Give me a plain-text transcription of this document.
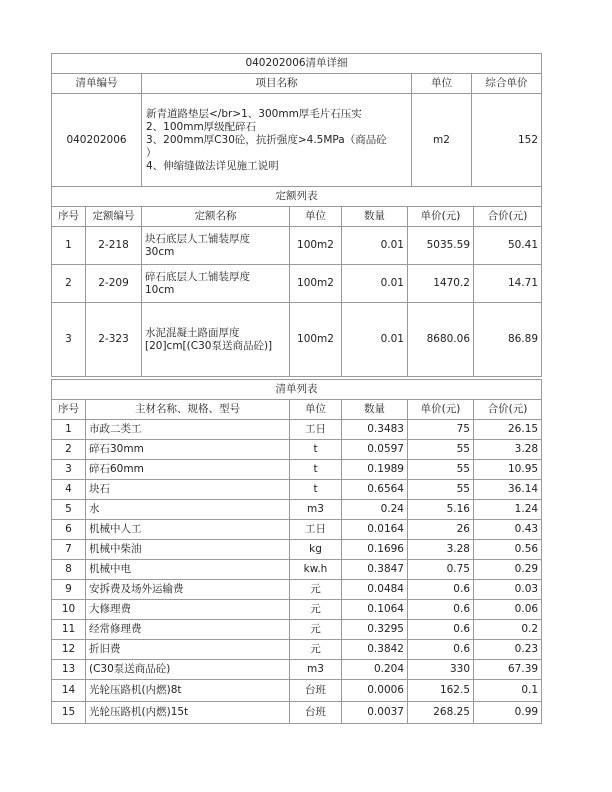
040202006清单详细			
清单编号	项目名称	单位	综合单价
040202006	新青道路垫层</br>1、300mm厚毛片石压实
2、100mm厚级配碎石
3、200mm厚C30砼，抗折强度>4.5MPa（商品砼
）
4、伸缩缝做法详见施工说明	m2	152
定额列表						
序号	定额编号	定额名称	单位	数量	单价(元)	合价(元)
1	2-218	块石底层人工铺装厚度
30cm	100m2	0.01	5035.59	50.41
2	2-209	碎石底层人工铺装厚度
10cm	100m2	0.01	1470.2	14.71
3	2-323	水泥混凝土路面厚度
[20]cm[(C30泵送商品砼)]	100m2	0.01	8680.06	86.89
清单列表					
序号	主材名称、规格、型号	单位	数量	单价(元)	合价(元)
1	市政二类工	工日	0.3483	75	26.15
2	碎石30mm	t	0.0597	55	3.28
3	碎石60mm	t	0.1989	55	10.95
4	块石	t	0.6564	55	36.14
5	水	m3	0.24	5.16	1.24
6	机械中人工	工日	0.0164	26	0.43
7	机械中柴油	kg	0.1696	3.28	0.56
8	机械中电	kw.h	0.3847	0.75	0.29
9	安拆费及场外运输费	元	0.0484	0.6	0.03
10	大修理费	元	0.1064	0.6	0.06
11	经常修理费	元	0.3295	0.6	0.2
12	折旧费	元	0.3842	0.6	0.23
13	(C30泵送商品砼)	m3	0.204	330	67.39
14	光轮压路机(内燃)8t	台班	0.0006	162.5	0.1
15	光轮压路机(内燃)15t	台班	0.0037	268.25	0.99
